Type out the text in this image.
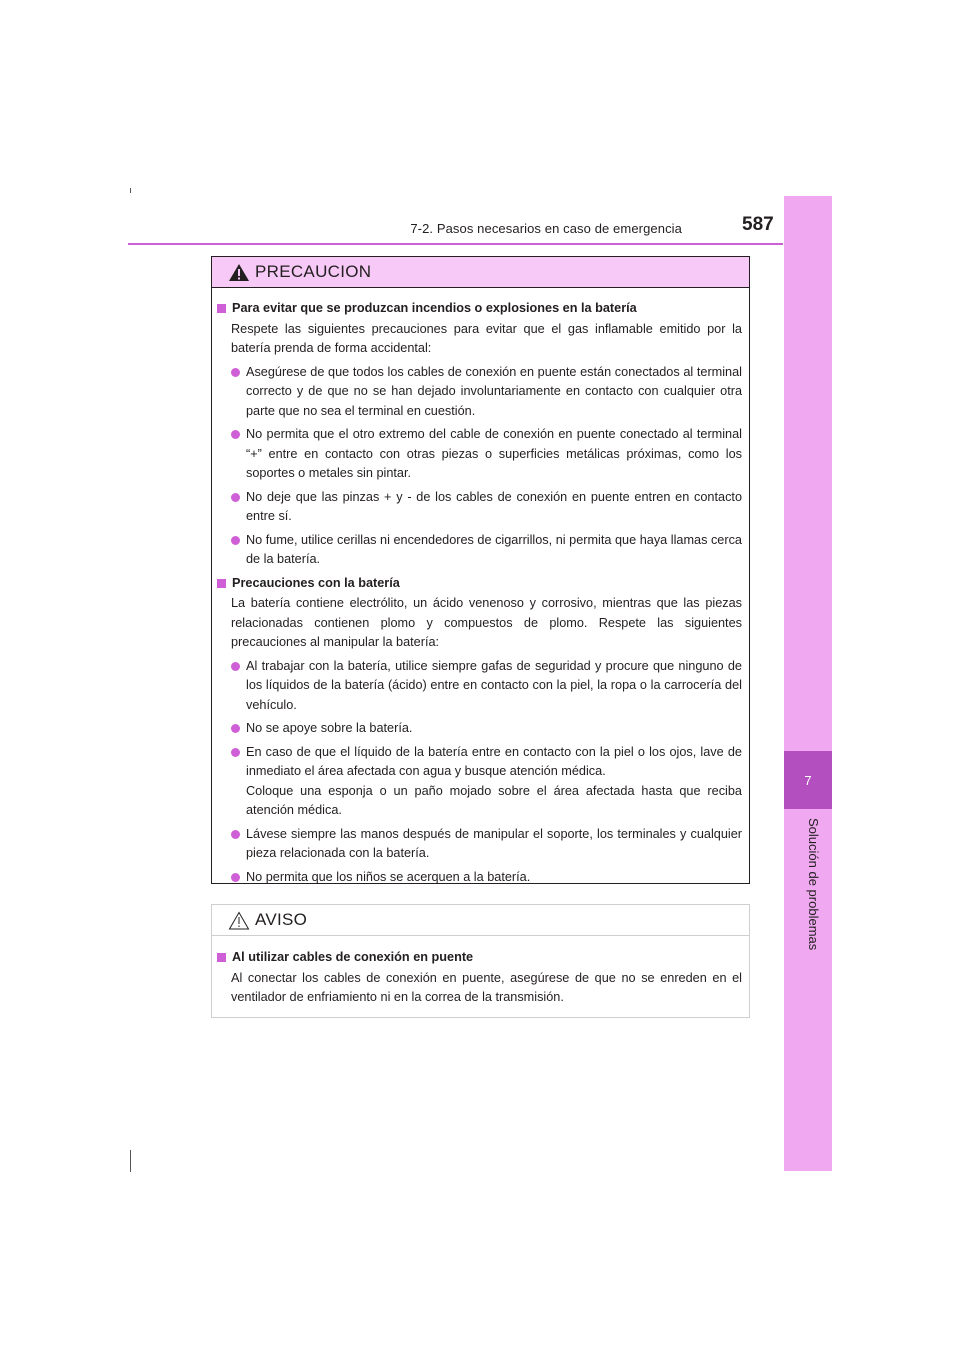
7-2. Pasos necesarios en caso de emergencia	587
7
Solución de problemas
PRECAUCION
Para evitar que se produzcan incendios o explosiones en la batería
Respete las siguientes precauciones para evitar que el gas inflamable emitido por la batería prenda de forma accidental:
Asegúrese de que todos los cables de conexión en puente están conectados al terminal correcto y de que no se han dejado involuntariamente en contacto con cualquier otra parte que no sea el terminal en cuestión.
No permita que el otro extremo del cable de conexión en puente conectado al terminal “+” entre en contacto con otras piezas o superficies metálicas próximas, como los soportes o metales sin pintar.
No deje que las pinzas + y - de los cables de conexión en puente entren en contacto entre sí.
No fume, utilice cerillas ni encendedores de cigarrillos, ni permita que haya llamas cerca de la batería.
Precauciones con la batería
La batería contiene electrólito, un ácido venenoso y corrosivo, mientras que las piezas relacionadas contienen plomo y compuestos de plomo. Respete las siguientes precauciones al manipular la batería:
Al trabajar con la batería, utilice siempre gafas de seguridad y procure que ninguno de los líquidos de la batería (ácido) entre en contacto con la piel, la ropa o la carrocería del vehículo.
No se apoye sobre la batería.
En caso de que el líquido de la batería entre en contacto con la piel o los ojos, lave de inmediato el área afectada con agua y busque atención médica.
Coloque una esponja o un paño mojado sobre el área afectada hasta que reciba atención médica.
Lávese siempre las manos después de manipular el soporte, los terminales y cualquier pieza relacionada con la batería.
No permita que los niños se acerquen a la batería.
AVISO
Al utilizar cables de conexión en puente
Al conectar los cables de conexión en puente, asegúrese de que no se enreden en el ventilador de enfriamiento ni en la correa de la transmisión.
